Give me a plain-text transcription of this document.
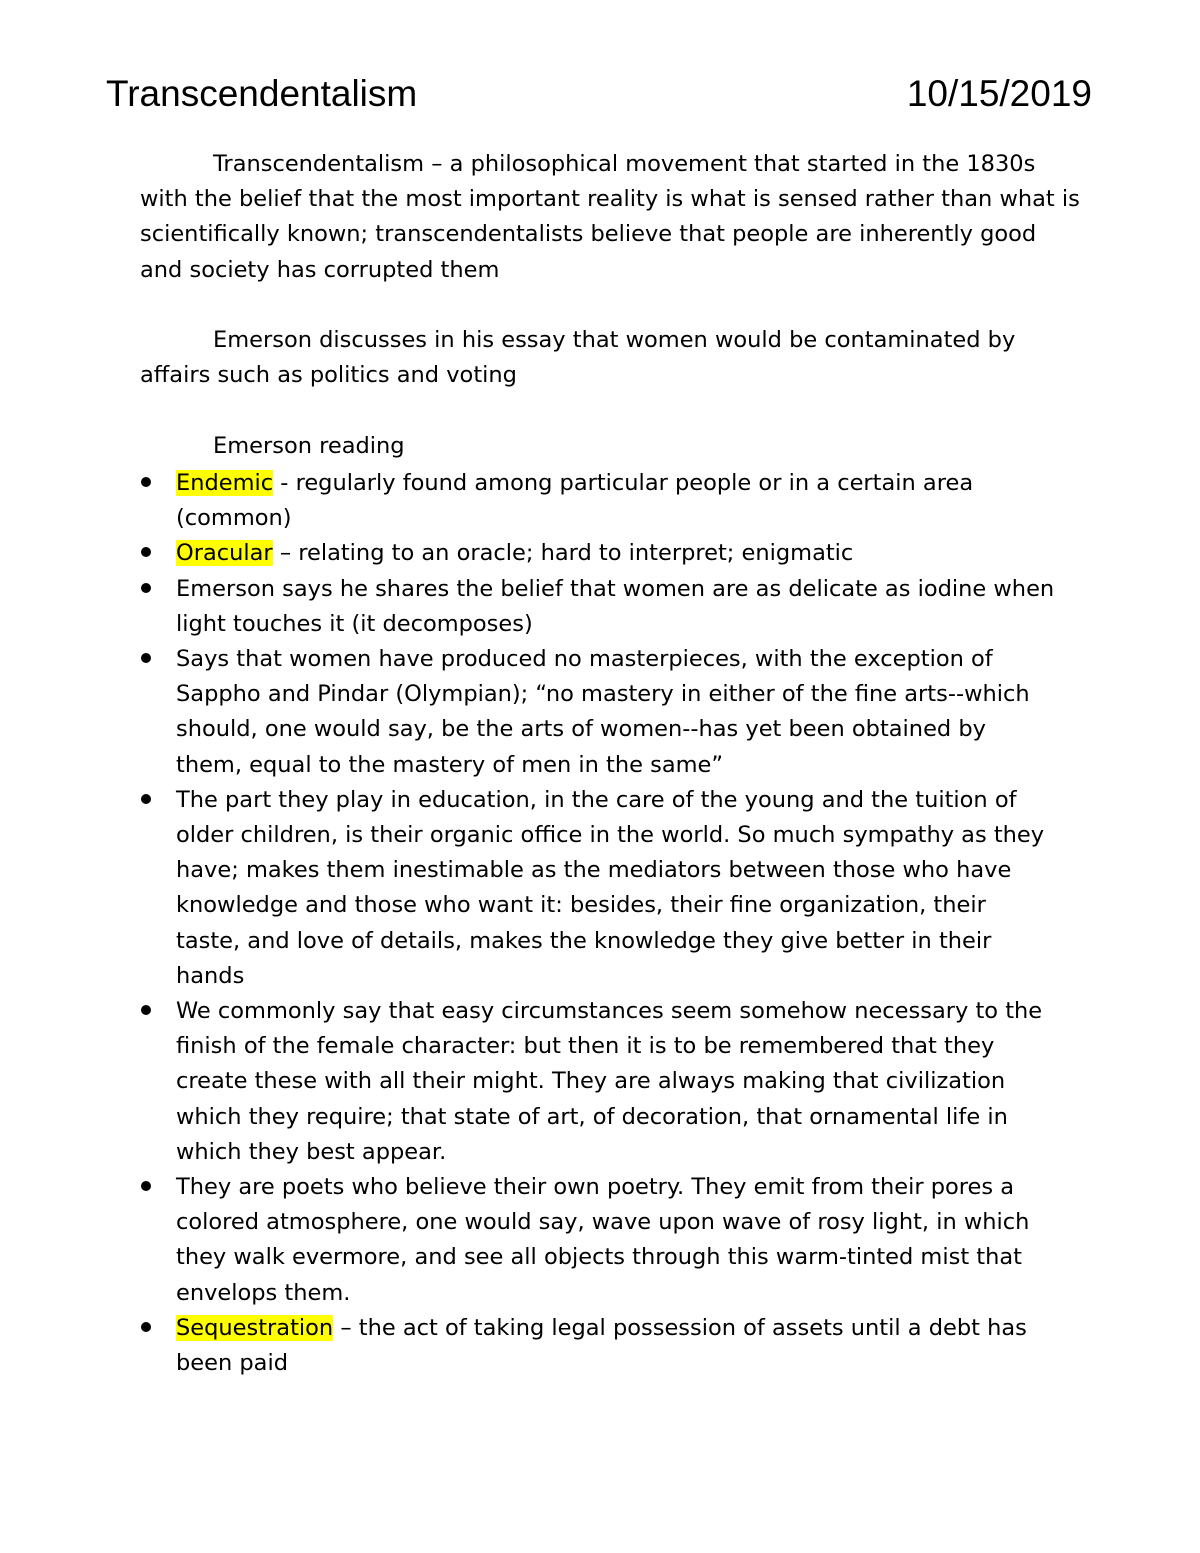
Transcendentalism	10/15/2019
Transcendentalism – a philosophical movement that started in the 1830s with the belief that the most important reality is what is sensed rather than what is scientifically known; transcendentalists believe that people are inherently good and society has corrupted them
Emerson discusses in his essay that women would be contaminated by affairs such as politics and voting
Emerson reading
Endemic - regularly found among particular people or in a certain area (common)
Oracular – relating to an oracle; hard to interpret; enigmatic
Emerson says he shares the belief that women are as delicate as iodine when light touches it (it decomposes)
Says that women have produced no masterpieces, with the exception of Sappho and Pindar (Olympian); “no mastery in either of the fine arts--which should, one would say, be the arts of women--has yet been obtained by them, equal to the mastery of men in the same”
The part they play in education, in the care of the young and the tuition of older children, is their organic office in the world. So much sympathy as they have; makes them inestimable as the mediators between those who have knowledge and those who want it: besides, their fine organization, their taste, and love of details, makes the knowledge they give better in their hands
We commonly say that easy circumstances seem somehow necessary to the finish of the female character: but then it is to be remembered that they create these with all their might. They are always making that civilization which they require; that state of art, of decoration, that ornamental life in which they best appear.
They are poets who believe their own poetry. They emit from their pores a colored atmosphere, one would say, wave upon wave of rosy light, in which they walk evermore, and see all objects through this warm-tinted mist that envelops them.
Sequestration – the act of taking legal possession of assets until a debt has been paid
